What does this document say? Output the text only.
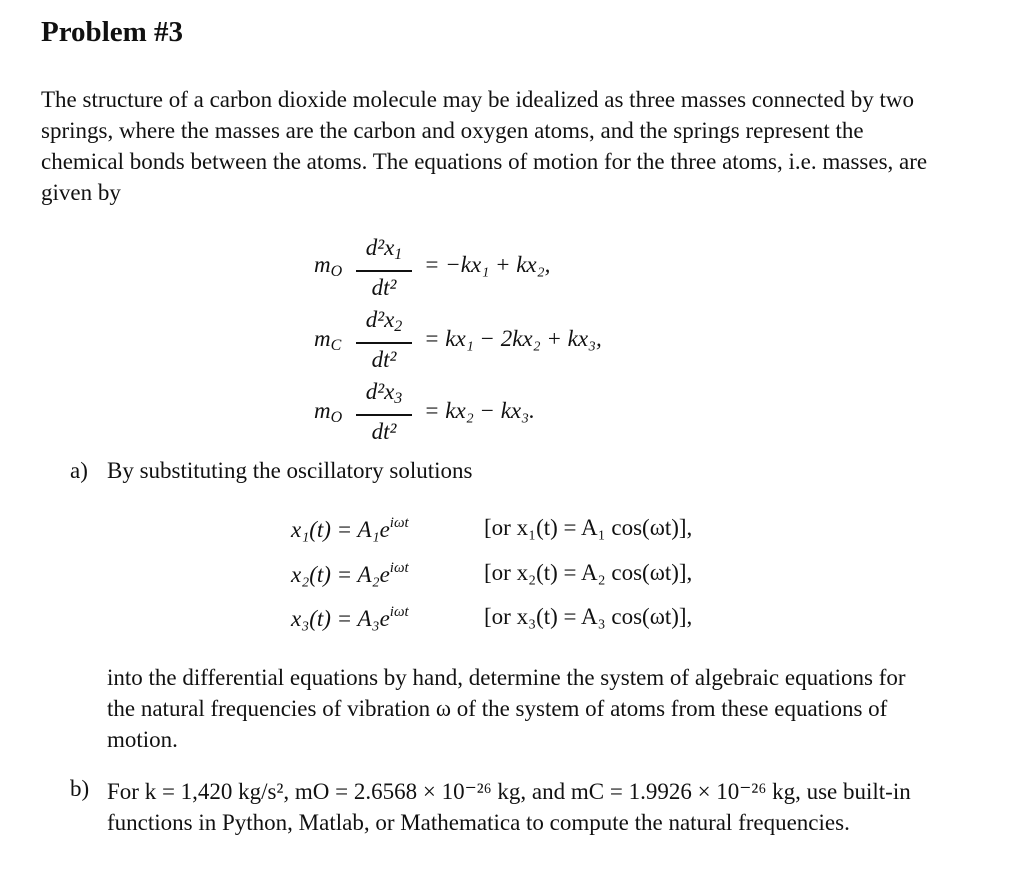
Problem #3
The structure of a carbon dioxide molecule may be idealized as three masses connected by two springs, where the masses are the carbon and oxygen atoms, and the springs represent the chemical bonds between the atoms. The equations of motion for the three atoms, i.e. masses, are given by
$m_O$
$d^2x_1$
dt²
= −kx₁ + kx₂,
$m_C$
$d^2x_2$
dt²
= kx₁ − 2kx₂ + kx₃,
$m_O$
$d^2x_3$
dt²
= kx₂ − kx₃.
a) By substituting the oscillatory solutions
$x_1(t) = A_1e^{i\omega t}$	[or x₁(t) = A₁ cos(ωt)],
$x_2(t) = A_2e^{i\omega t}$	[or x₂(t) = A₂ cos(ωt)],
$x_3(t) = A_3e^{i\omega t}$	[or x₃(t) = A₃ cos(ωt)],
into the differential equations by hand, determine the system of algebraic equations for the natural frequencies of vibration ω of the system of atoms from these equations of motion.
b) For k = 1,420 kg/s², mO = 2.6568 × 10⁻²⁶ kg, and mC = 1.9926 × 10⁻²⁶ kg, use built-in functions in Python, Matlab, or Mathematica to compute the natural frequencies.
